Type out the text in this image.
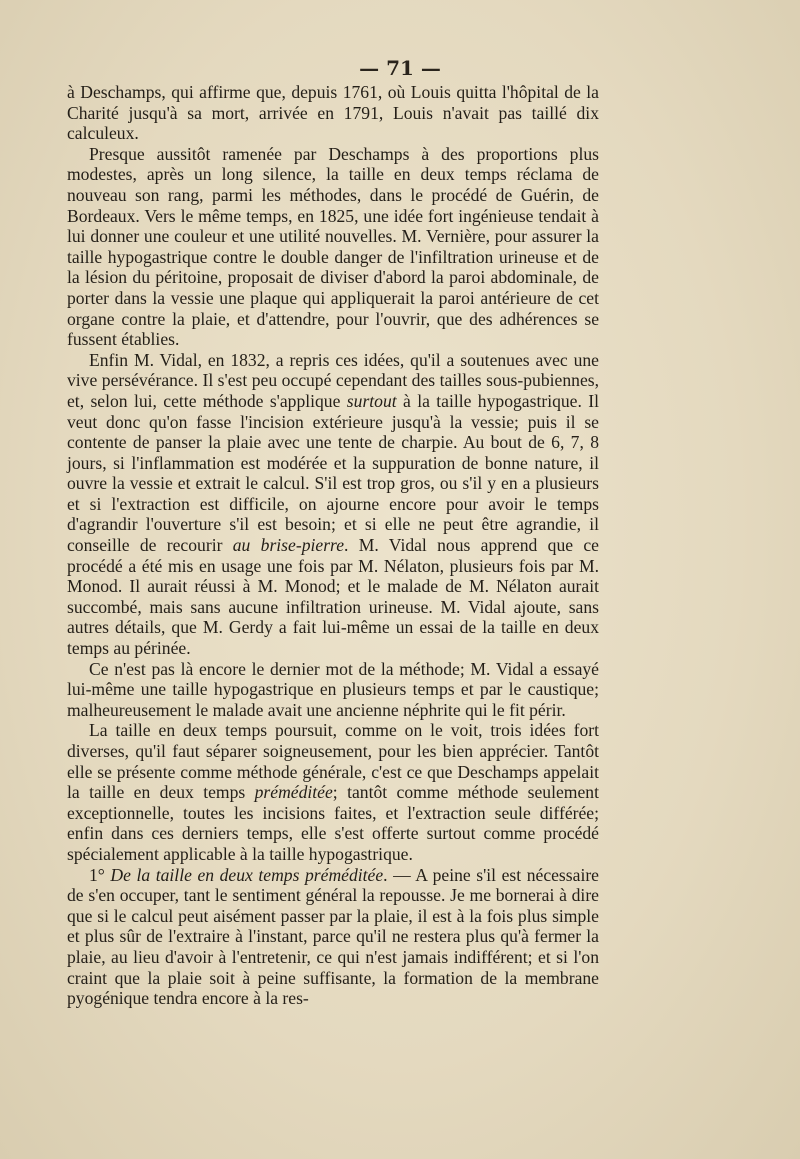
— 71 —

à Deschamps, qui affirme que, depuis 1761, où Louis quitta l'hôpital de la Charité jusqu'à sa mort, arrivée en 1791, Louis n'avait pas taillé dix calculeux.

Presque aussitôt ramenée par Deschamps à des proportions plus modestes, après un long silence, la taille en deux temps réclama de nouveau son rang, parmi les méthodes, dans le procédé de Guérin, de Bordeaux. Vers le même temps, en 1825, une idée fort ingénieuse tendait à lui donner une couleur et une utilité nouvelles. M. Vernière, pour assurer la taille hypogastrique contre le double danger de l'infiltration urineuse et de la lésion du péritoine, proposait de diviser d'abord la paroi abdominale, de porter dans la vessie une plaque qui appliquerait la paroi antérieure de cet organe contre la plaie, et d'attendre, pour l'ouvrir, que des adhérences se fussent établies.

Enfin M. Vidal, en 1832, a repris ces idées, qu'il a soutenues avec une vive persévérance. Il s'est peu occupé cependant des tailles sous-pubiennes, et, selon lui, cette méthode s'applique surtout à la taille hypogastrique. Il veut donc qu'on fasse l'incision extérieure jusqu'à la vessie; puis il se contente de panser la plaie avec une tente de charpie. Au bout de 6, 7, 8 jours, si l'inflammation est modérée et la suppuration de bonne nature, il ouvre la vessie et extrait le calcul. S'il est trop gros, ou s'il y en a plusieurs et si l'extraction est difficile, on ajourne encore pour avoir le temps d'agrandir l'ouverture s'il est besoin; et si elle ne peut être agrandie, il conseille de recourir au brise-pierre. M. Vidal nous apprend que ce procédé a été mis en usage une fois par M. Nélaton, plusieurs fois par M. Monod. Il aurait réussi à M. Monod; et le malade de M. Nélaton aurait succombé, mais sans aucune infiltration urineuse. M. Vidal ajoute, sans autres détails, que M. Gerdy a fait lui-même un essai de la taille en deux temps au périnée.

Ce n'est pas là encore le dernier mot de la méthode; M. Vidal a essayé lui-même une taille hypogastrique en plusieurs temps et par le caustique; malheureusement le malade avait une ancienne néphrite qui le fit périr.

La taille en deux temps poursuit, comme on le voit, trois idées fort diverses, qu'il faut séparer soigneusement, pour les bien apprécier. Tantôt elle se présente comme méthode générale, c'est ce que Deschamps appelait la taille en deux temps préméditée; tantôt comme méthode seulement exceptionnelle, toutes les incisions faites, et l'extraction seule différée; enfin dans ces derniers temps, elle s'est offerte surtout comme procédé spécialement applicable à la taille hypogastrique.

1° De la taille en deux temps préméditée. — A peine s'il est nécessaire de s'en occuper, tant le sentiment général la repousse. Je me bornerai à dire que si le calcul peut aisément passer par la plaie, il est à la fois plus simple et plus sûr de l'extraire à l'instant, parce qu'il ne restera plus qu'à fermer la plaie, au lieu d'avoir à l'entretenir, ce qui n'est jamais indifférent; et si l'on craint que la plaie soit à peine suffisante, la formation de la membrane pyogénique tendra encore à la res-
